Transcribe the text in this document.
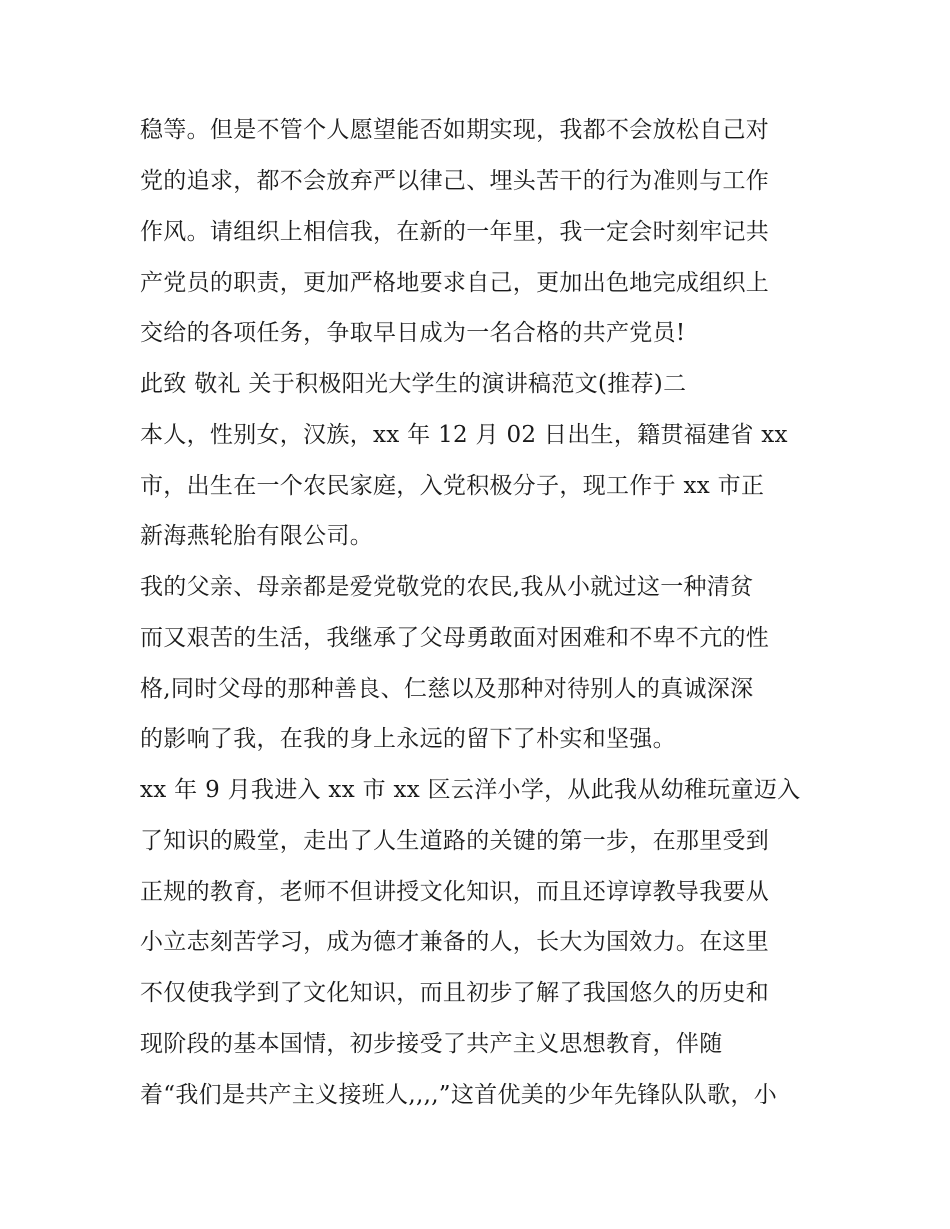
稳等。但是不管个人愿望能否如期实现，我都不会放松自己对
党的追求，都不会放弃严以律己、埋头苦干的行为准则与工作
作风。请组织上相信我，在新的一年里，我一定会时刻牢记共
产党员的职责，更加严格地要求自己，更加出色地完成组织上
交给的各项任务，争取早日成为一名合格的共产党员!
此致 敬礼 关于积极阳光大学生的演讲稿范文(推荐)二
本人，性别女，汉族，xx 年 12 月 02 日出生，籍贯福建省 xx
市，出生在一个农民家庭，入党积极分子，现工作于 xx 市正
新海燕轮胎有限公司。
我的父亲、母亲都是爱党敬党的农民,我从小就过这一种清贫
而又艰苦的生活，我继承了父母勇敢面对困难和不卑不亢的性
格,同时父母的那种善良、仁慈以及那种对待别人的真诚深深
的影响了我，在我的身上永远的留下了朴实和坚强。
xx 年 9 月我进入 xx 市 xx 区云洋小学，从此我从幼稚玩童迈入
了知识的殿堂，走出了人生道路的关键的第一步，在那里受到
正规的教育，老师不但讲授文化知识，而且还谆谆教导我要从
小立志刻苦学习，成为德才兼备的人，长大为国效力。在这里
不仅使我学到了文化知识，而且初步了解了我国悠久的历史和
现阶段的基本国情，初步接受了共产主义思想教育，伴随
着“我们是共产主义接班人,,,,”这首优美的少年先锋队队歌，小
